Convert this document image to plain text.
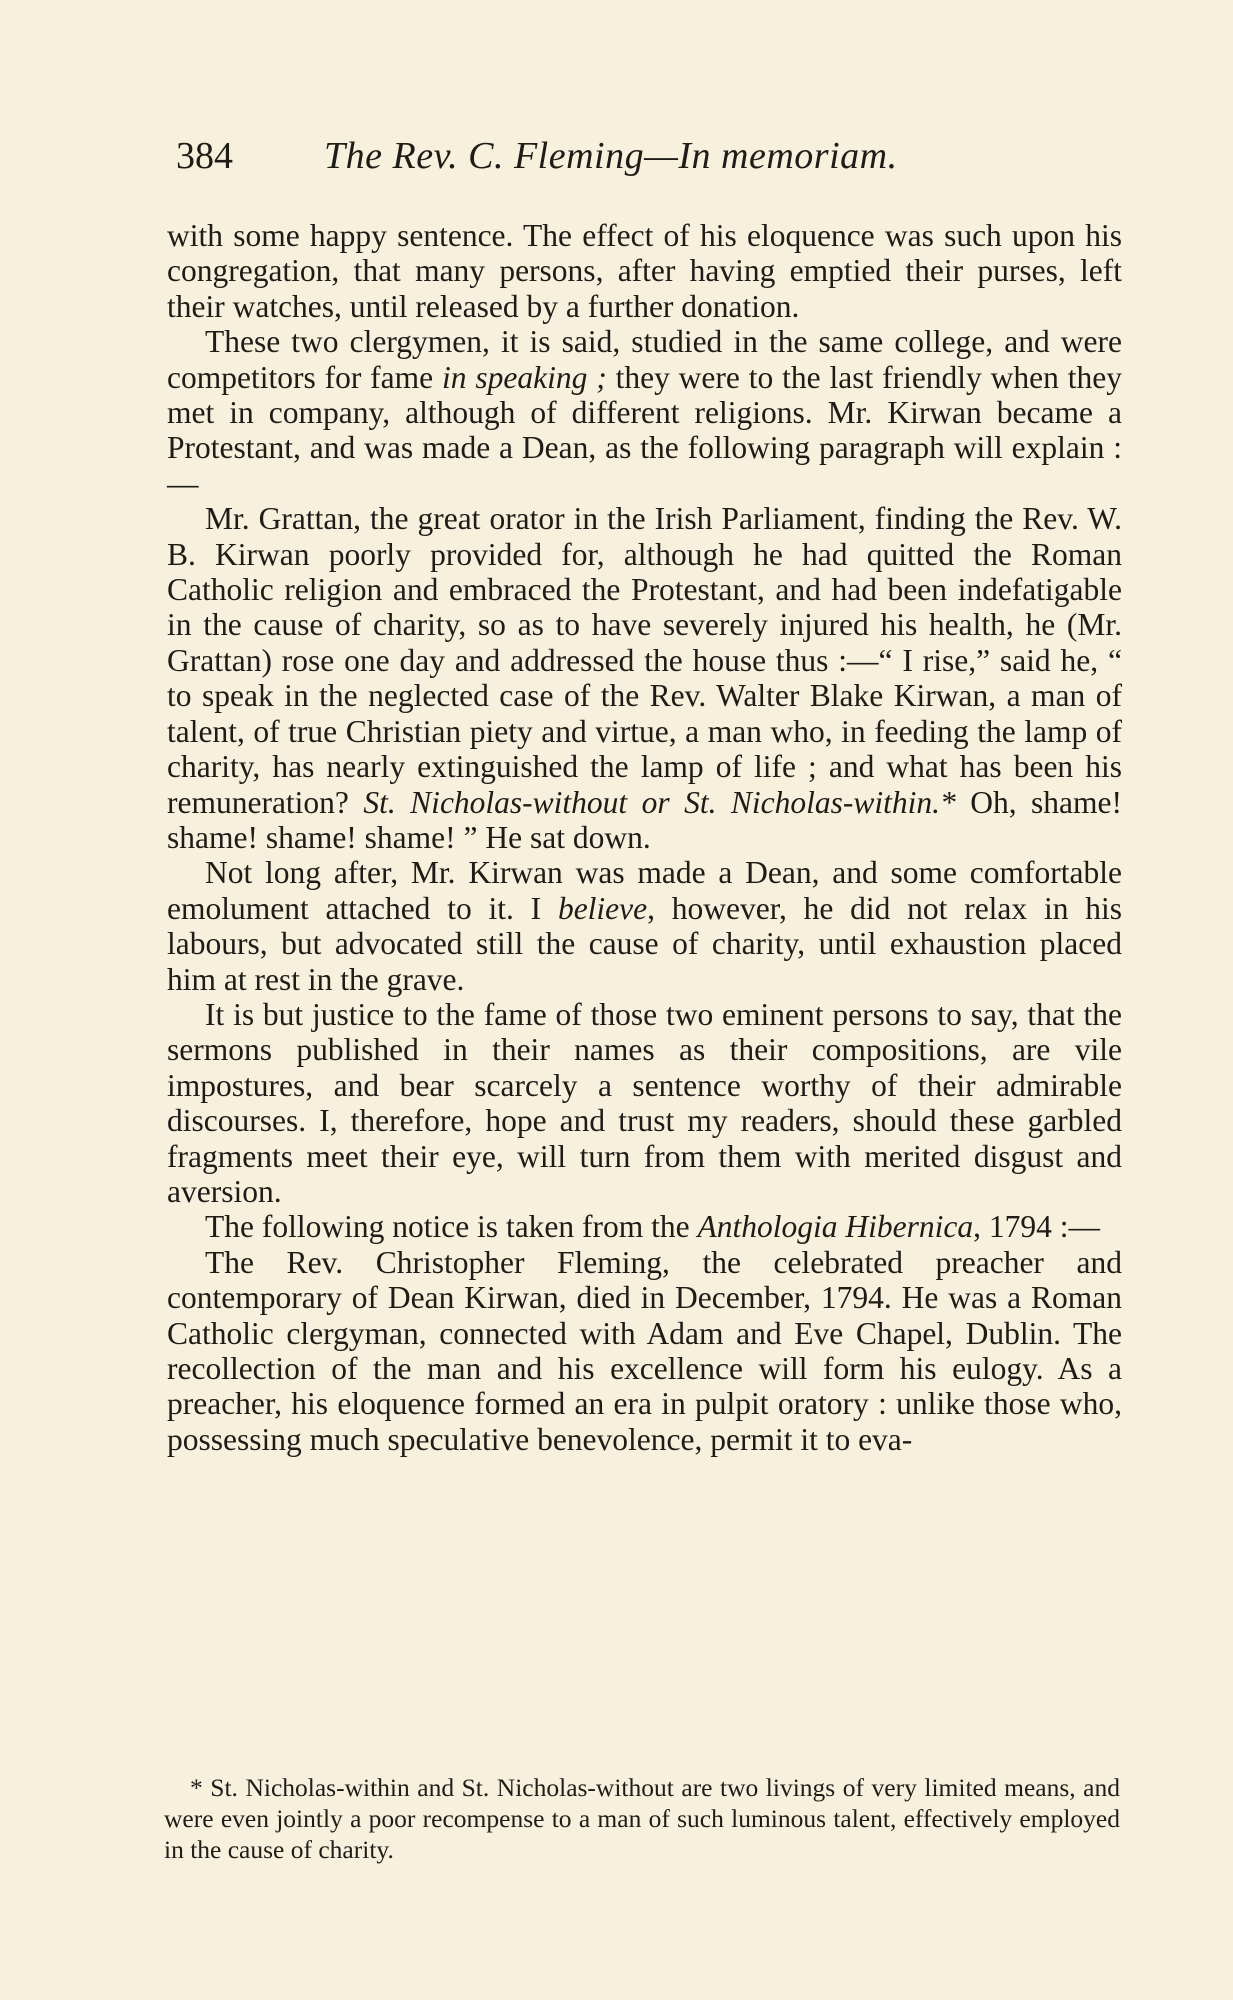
384 The Rev. C. Fleming—In memoriam.

with some happy sentence. The effect of his eloquence was such upon his congregation, that many persons, after having emptied their purses, left their watches, until released by a further donation.

These two clergymen, it is said, studied in the same college, and were competitors for fame in speaking ; they were to the last friendly when they met in company, although of different religions. Mr. Kirwan became a Protestant, and was made a Dean, as the following paragraph will explain :—

Mr. Grattan, the great orator in the Irish Parliament, finding the Rev. W. B. Kirwan poorly provided for, although he had quitted the Roman Catholic religion and embraced the Protestant, and had been indefatigable in the cause of charity, so as to have severely injured his health, he (Mr. Grattan) rose one day and addressed the house thus :—“ I rise,” said he, “ to speak in the neglected case of the Rev. Walter Blake Kirwan, a man of talent, of true Christian piety and virtue, a man who, in feeding the lamp of charity, has nearly extinguished the lamp of life ; and what has been his remuneration? St. Nicholas-without or St. Nicholas-within.* Oh, shame! shame! shame! shame! ” He sat down.

Not long after, Mr. Kirwan was made a Dean, and some comfortable emolument attached to it. I believe, however, he did not relax in his labours, but advocated still the cause of charity, until exhaustion placed him at rest in the grave.

It is but justice to the fame of those two eminent persons to say, that the sermons published in their names as their compositions, are vile impostures, and bear scarcely a sentence worthy of their admirable discourses. I, therefore, hope and trust my readers, should these garbled fragments meet their eye, will turn from them with merited disgust and aversion.

The following notice is taken from the Anthologia Hibernica, 1794 :—

The Rev. Christopher Fleming, the celebrated preacher and contemporary of Dean Kirwan, died in December, 1794. He was a Roman Catholic clergyman, connected with Adam and Eve Chapel, Dublin. The recollection of the man and his excellence will form his eulogy. As a preacher, his eloquence formed an era in pulpit oratory : unlike those who, possessing much speculative benevolence, permit it to eva-

* St. Nicholas-within and St. Nicholas-without are two livings of very limited means, and were even jointly a poor recompense to a man of such luminous talent, effectively employed in the cause of charity.
